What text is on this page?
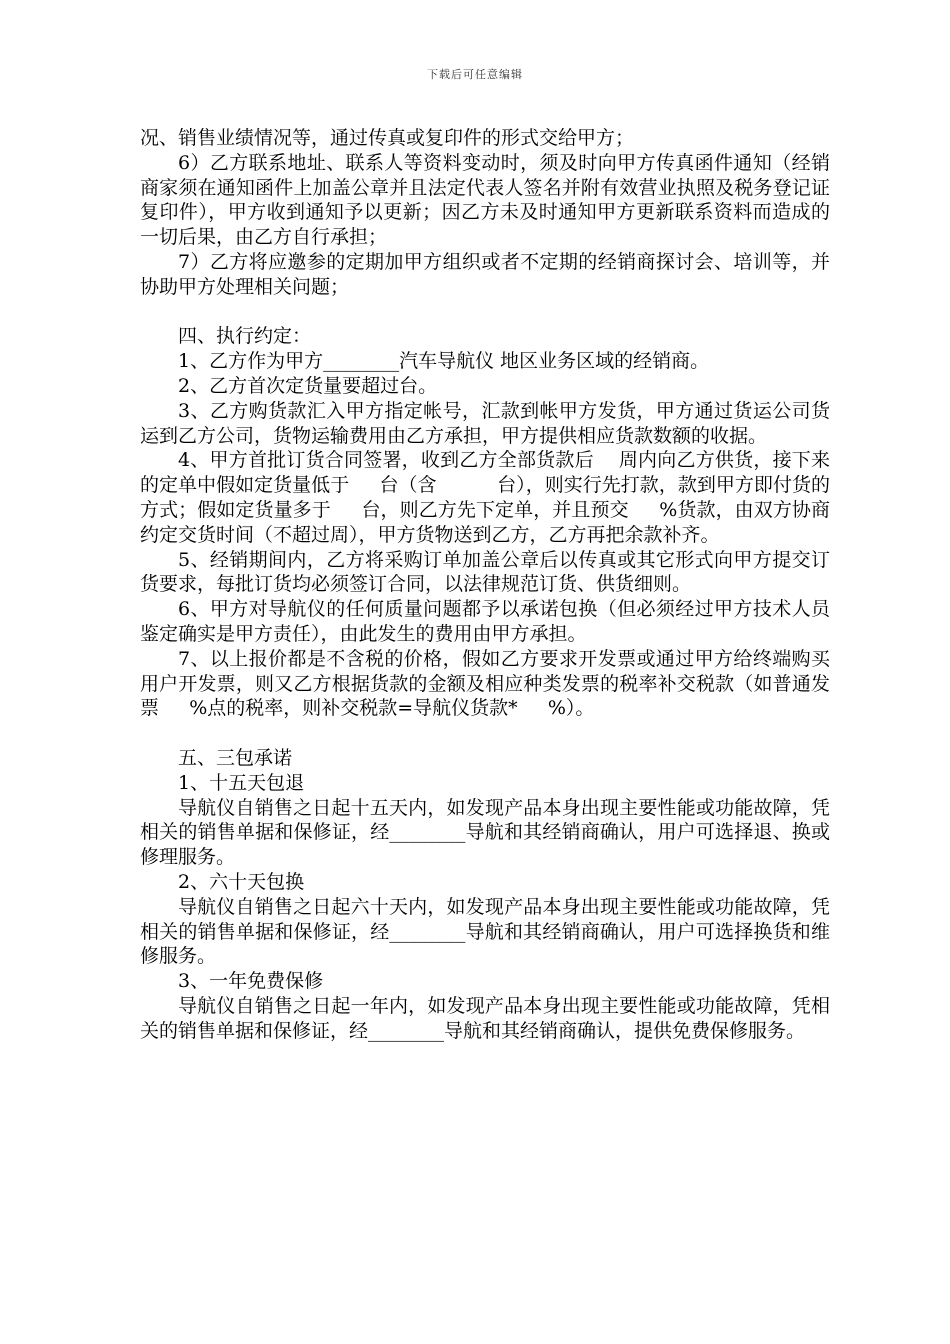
下载后可任意编辑

况、销售业绩情况等，通过传真或复印件的形式交给甲方；

6）乙方联系地址、联系人等资料变动时，须及时向甲方传真函件通知（经销商家须在通知函件上加盖公章并且法定代表人签名并附有效营业执照及税务登记证复印件），甲方收到通知予以更新；因乙方未及时通知甲方更新联系资料而造成的一切后果，由乙方自行承担；

7）乙方将应邀参的定期加甲方组织或者不定期的经销商探讨会、培训等，并协助甲方处理相关问题；

四、执行约定：

1、乙方作为甲方________汽车导航仪 地区业务区域的经销商。

2、乙方首次定货量要超过台。

3、乙方购货款汇入甲方指定帐号，汇款到帐甲方发货，甲方通过货运公司货运到乙方公司，货物运输费用由乙方承担，甲方提供相应货款数额的收据。

4、甲方首批订货合同签署，收到乙方全部货款后    周内向乙方供货，接下来的定单中假如定货量低于     台（含          台），则实行先打款，款到甲方即付货的方式；假如定货量多于     台，则乙方先下定单，并且预交     %货款，由双方协商约定交货时间（不超过周），甲方货物送到乙方，乙方再把余款补齐。

5、经销期间内，乙方将采购订单加盖公章后以传真或其它形式向甲方提交订货要求，每批订货均必须签订合同，以法律规范订货、供货细则。

6、甲方对导航仪的任何质量问题都予以承诺包换（但必须经过甲方技术人员鉴定确实是甲方责任），由此发生的费用由甲方承担。

7、以上报价都是不含税的价格，假如乙方要求开发票或通过甲方给终端购买用户开发票，则又乙方根据货款的金额及相应种类发票的税率补交税款（如普通发票     %点的税率，则补交税款=导航仪货款*     %）。

五、三包承诺

1、十五天包退

导航仪自销售之日起十五天内，如发现产品本身出现主要性能或功能故障，凭相关的销售单据和保修证，经________导航和其经销商确认，用户可选择退、换或修理服务。

2、六十天包换

导航仪自销售之日起六十天内，如发现产品本身出现主要性能或功能故障，凭相关的销售单据和保修证，经________导航和其经销商确认，用户可选择换货和维修服务。

3、一年免费保修

导航仪自销售之日起一年内，如发现产品本身出现主要性能或功能故障，凭相关的销售单据和保修证，经________导航和其经销商确认，提供免费保修服务。
